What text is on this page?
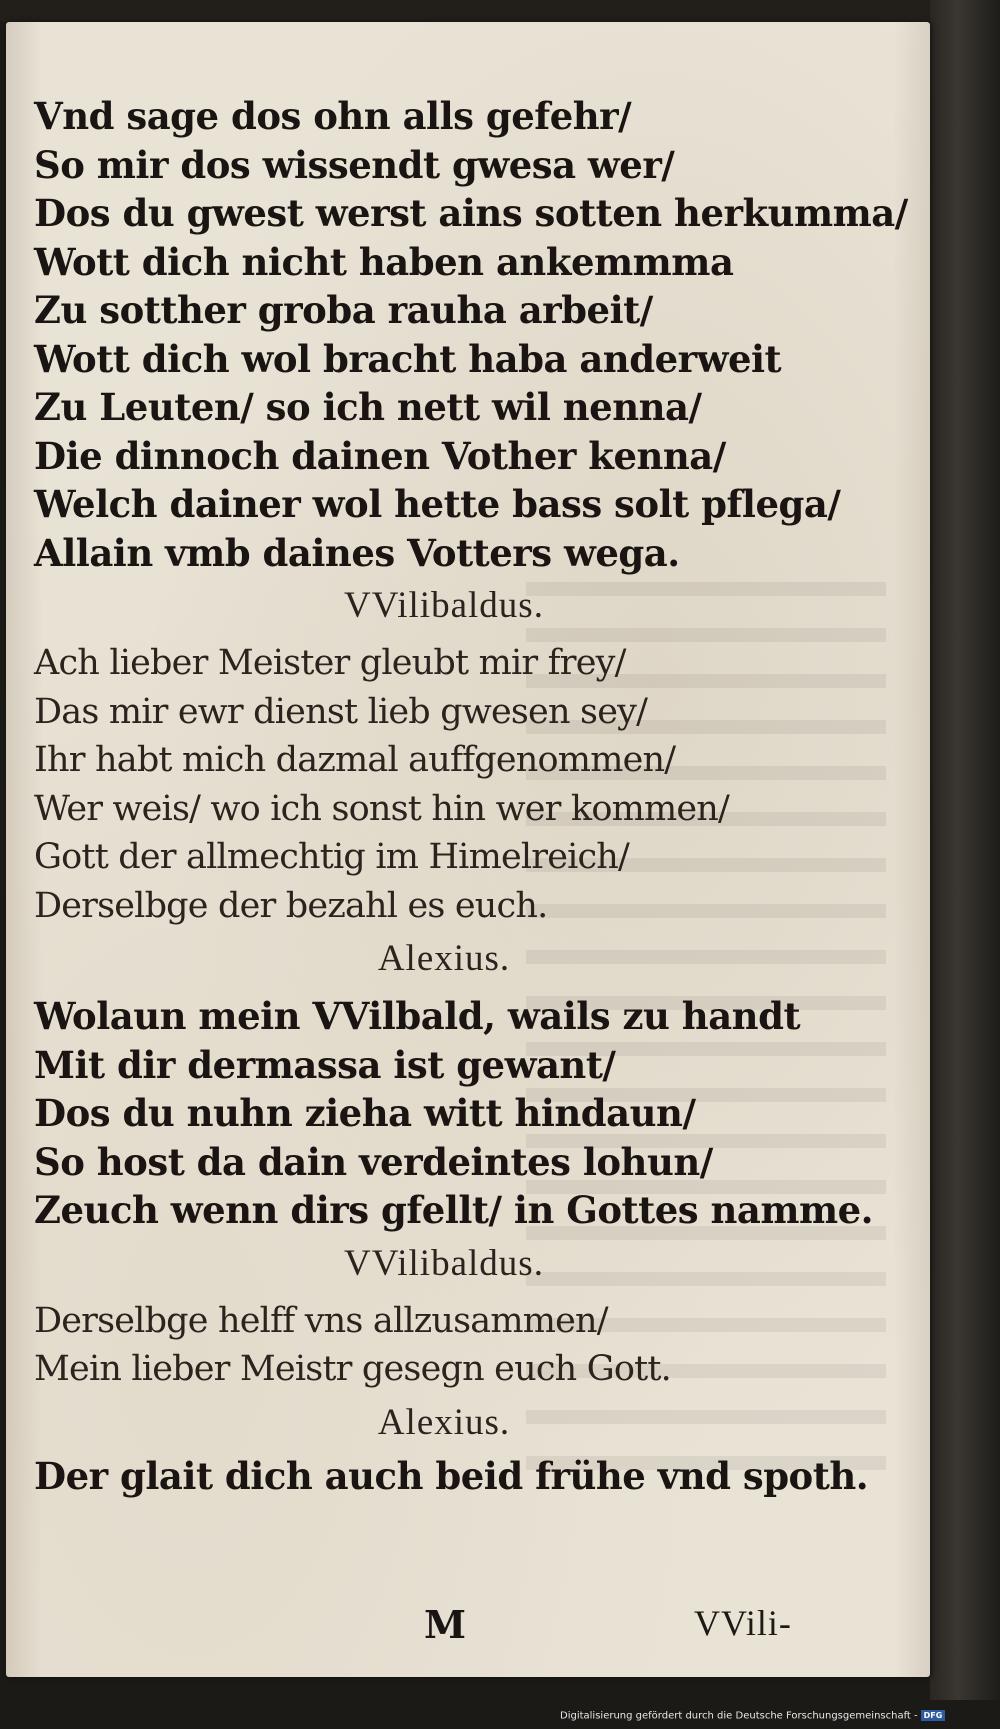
Vnd sage dos ohn alls gefehr/
So mir dos wissendt gwesa wer/
Dos du gwest werst ains sotten herkumma/
Wott dich nicht haben ankemmma
Zu sotther groba rauha arbeit/
Wott dich wol bracht haba anderweit
Zu Leuten/ so ich nett wil nenna/
Die dinnoch dainen Vother kenna/
Welch dainer wol hette bass solt pflega/
Allain vmb daines Votters wega.
VVilibaldus.
Ach lieber Meister gleubt mir frey/
Das mir ewr dienst lieb gwesen sey/
Ihr habt mich dazmal auffgenommen/
Wer weis/ wo ich sonst hin wer kommen/
Gott der allmechtig im Himelreich/
Derselbge der bezahl es euch.
Alexius.
Wolaun mein VVilbald, wails zu handt
Mit dir dermassa ist gewant/
Dos du nuhn zieha witt hindaun/
So host da dain verdeintes lohun/
Zeuch wenn dirs gfellt/ in Gottes namme.
VVilibaldus.
Derselbge helff vns allzusammen/
Mein lieber Meistr gesegn euch Gott.
Alexius.
Der glait dich auch beid frühe vnd spoth.
M	VVili-
Digitalisierung gefördert durch die Deutsche Forschungsgemeinschaft - DFG
